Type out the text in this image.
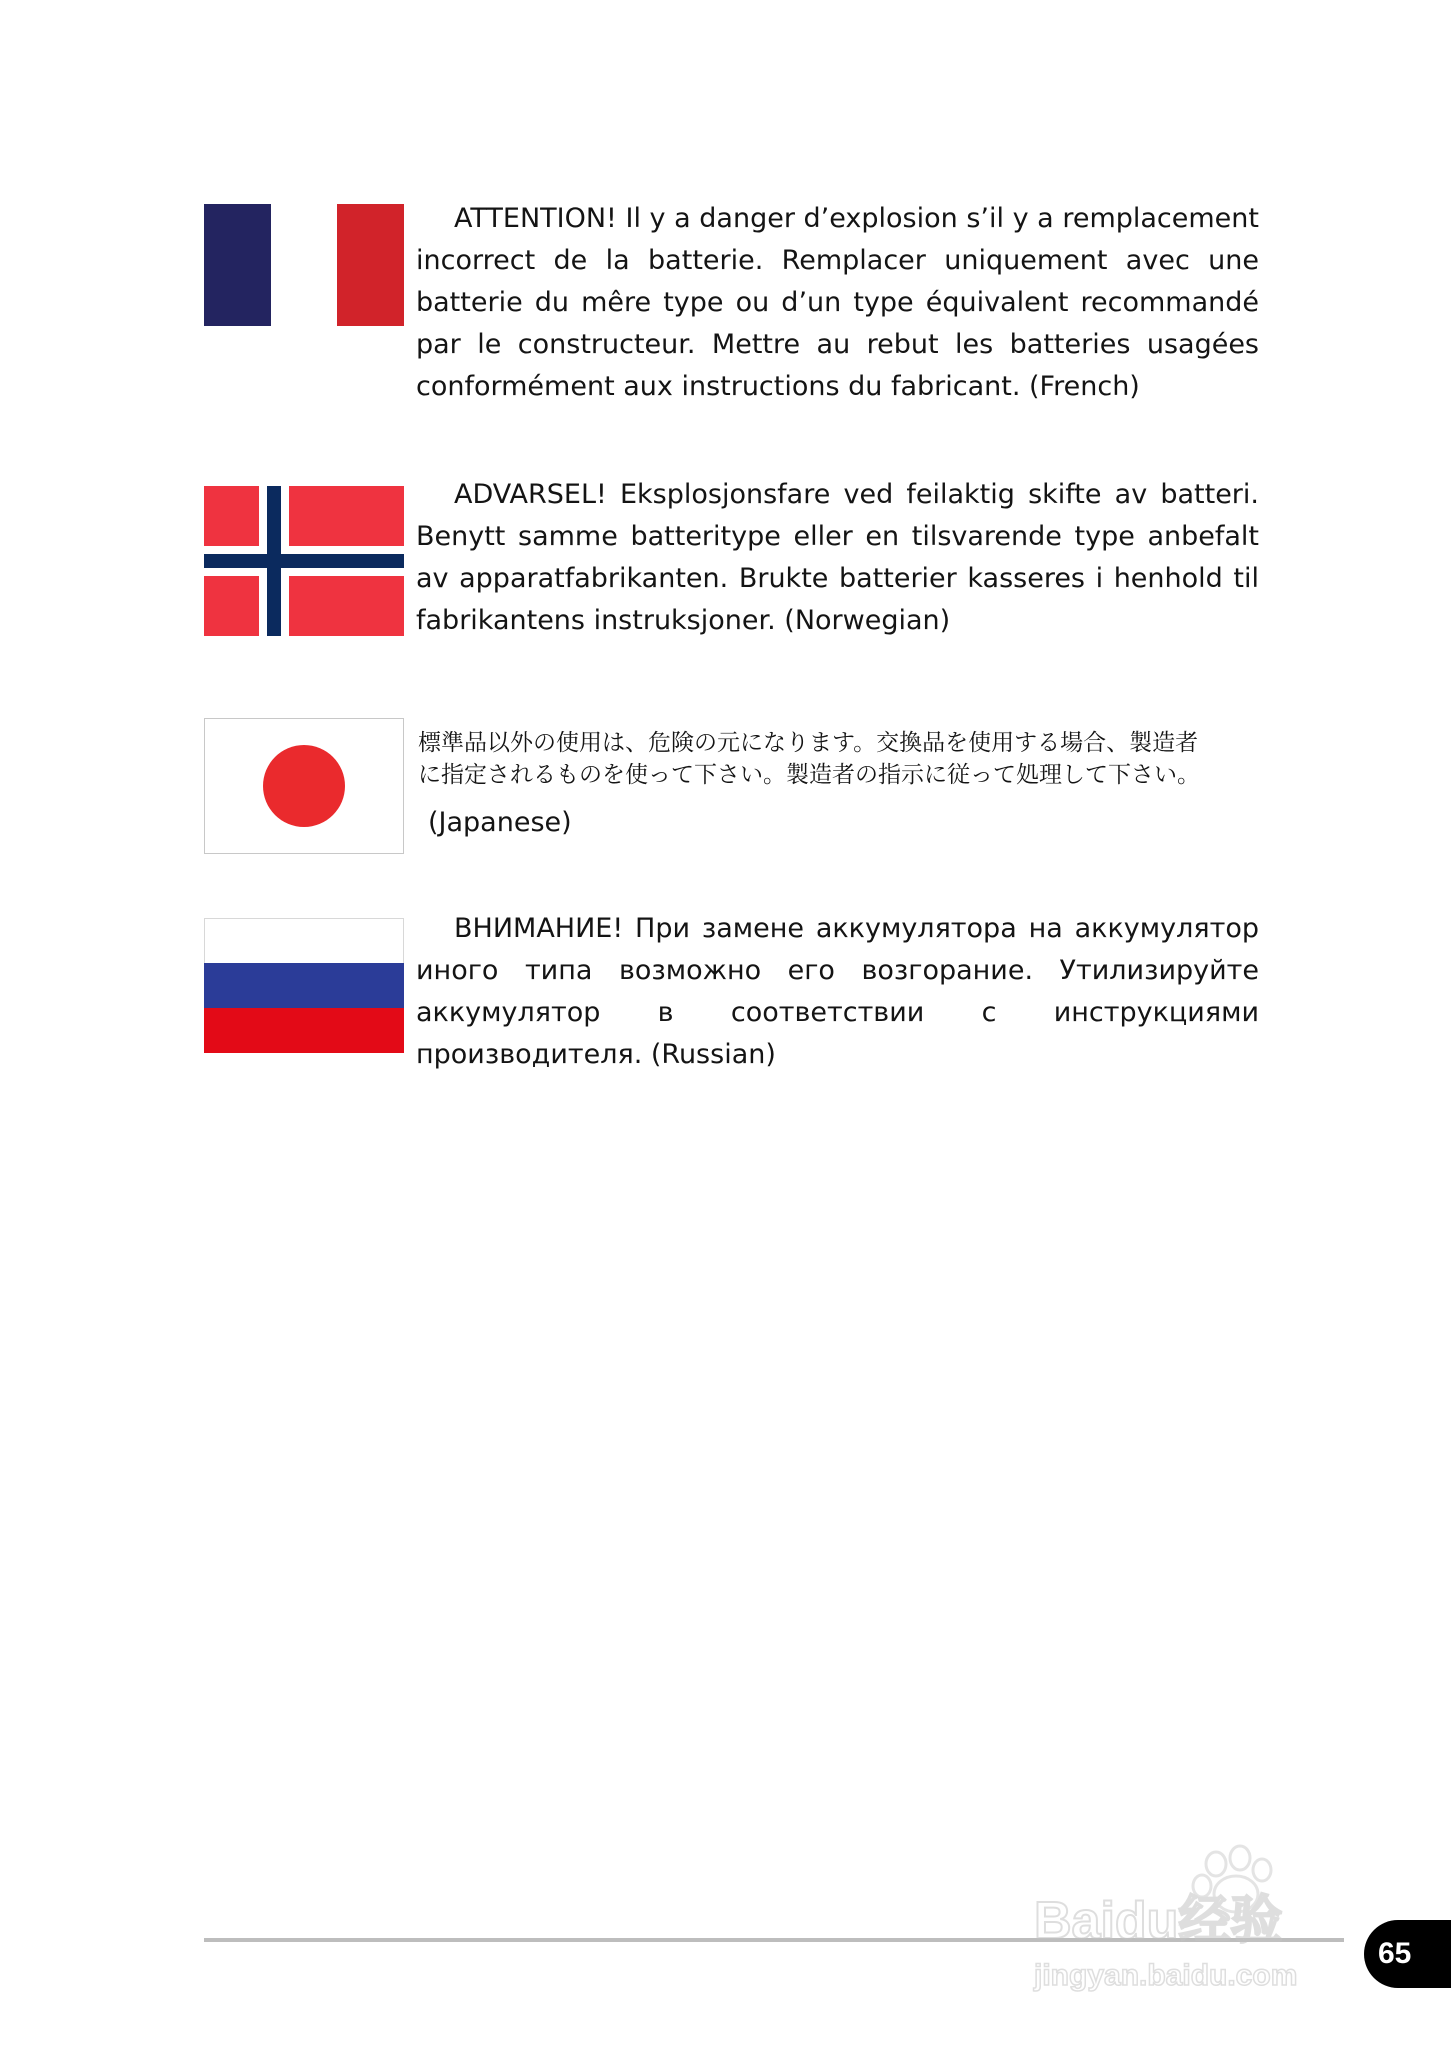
ATTENTION! Il y a danger d’explosion s’il y a remplacement incorrect de la batterie. Remplacer uniquement avec une batterie du mêre type ou d’un type équivalent recommandé par le constructeur. Mettre au rebut les batteries usagées conformément aux instructions du fabricant. (French)

ADVARSEL! Eksplosjonsfare ved feilaktig skifte av batteri. Benytt samme batteritype eller en tilsvarende type anbefalt av apparatfabrikanten. Brukte batterier kasseres i henhold til fabrikantens instruksjoner. (Norwegian)

標準品以外の使用は、危険の元になります。交換品を使用する場合、製造者
に指定されるものを使って下さい。製造者の指示に従って処理して下さい。

(Japanese)

ВНИМАНИЕ! При замене аккумулятора на аккумулятор иного типа возможно его возгорание. Утилизируйте аккумулятор в соответствии с инструкциями производителя. (Russian)

Baidu经验
jingyan.baidu.com
65
